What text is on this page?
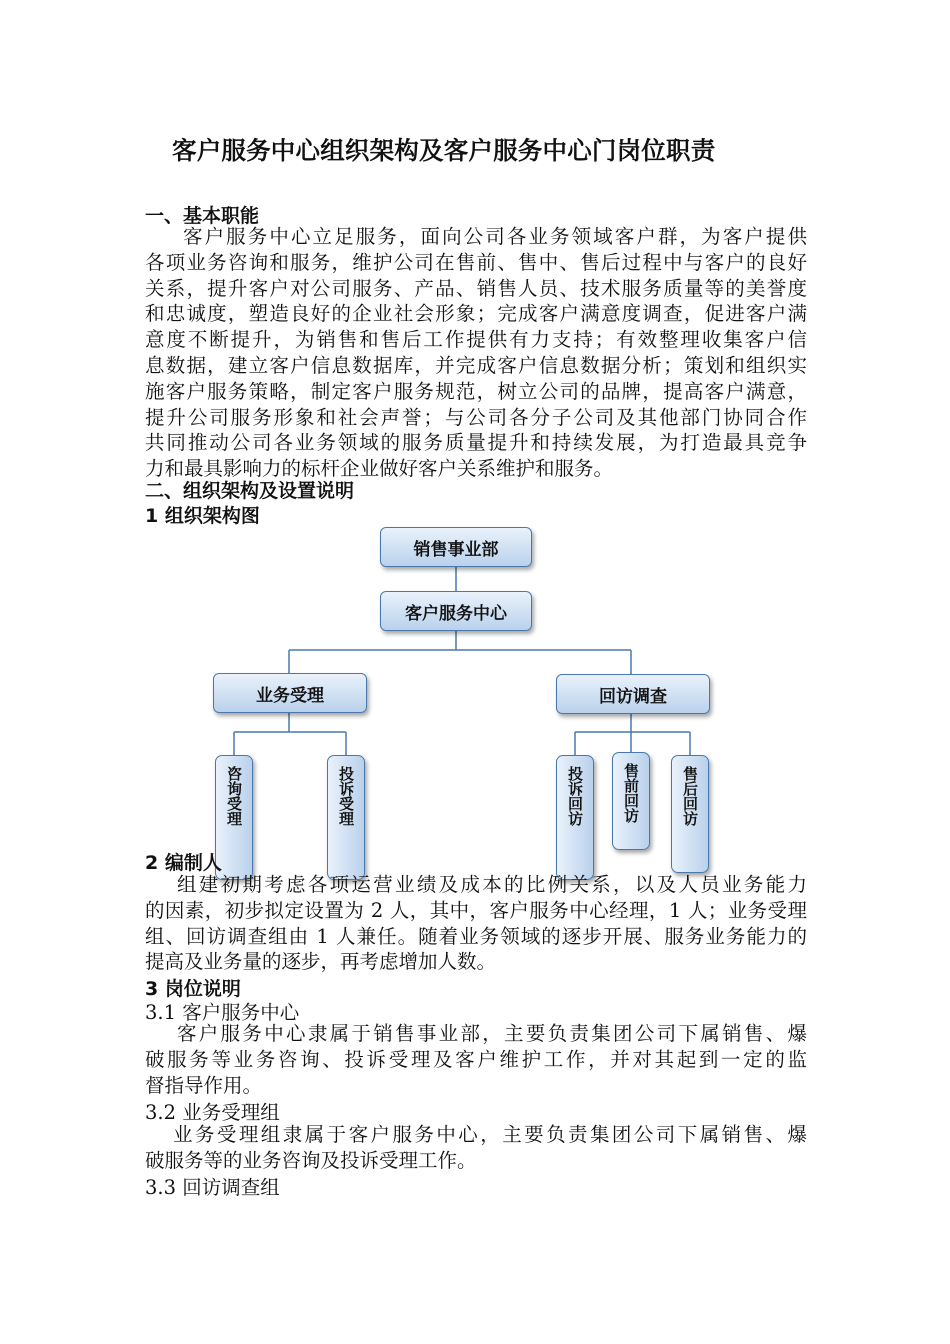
客户服务中心组织架构及客户服务中心门岗位职责
一、基本职能
客户服务中心立足服务，面向公司各业务领域客户群，为客户提供
各项业务咨询和服务，维护公司在售前、售中、售后过程中与客户的良好
关系，提升客户对公司服务、产品、销售人员、技术服务质量等的美誉度
和忠诚度，塑造良好的企业社会形象；完成客户满意度调查，促进客户满
意度不断提升，为销售和售后工作提供有力支持；有效整理收集客户信
息数据，建立客户信息数据库，并完成客户信息数据分析；策划和组织实
施客户服务策略，制定客户服务规范，树立公司的品牌，提高客户满意，
提升公司服务形象和社会声誉；与公司各分子公司及其他部门协同合作
共同推动公司各业务领域的服务质量提升和持续发展，为打造最具竞争
力和最具影响力的标杆企业做好客户关系维护和服务。
二、组织架构及设置说明
1 组织架构图
销售事业部
客户服务中心
业务受理	回访调查
咨询受理	投诉受理	投诉回访	售前回访	售后回访
2 编制人
组建初期考虑各项运营业绩及成本的比例关系，以及人员业务能力
的因素，初步拟定设置为 2 人，其中，客户服务中心经理，1 人；业务受理
组、回访调查组由 1 人兼任。随着业务领域的逐步开展、服务业务能力的
提高及业务量的逐步，再考虑增加人数。
3 岗位说明
3.1 客户服务中心
客户服务中心隶属于销售事业部，主要负责集团公司下属销售、爆
破服务等业务咨询、投诉受理及客户维护工作，并对其起到一定的监
督指导作用。
3.2 业务受理组
业务受理组隶属于客户服务中心，主要负责集团公司下属销售、爆
破服务等的业务咨询及投诉受理工作。
3.3 回访调查组
